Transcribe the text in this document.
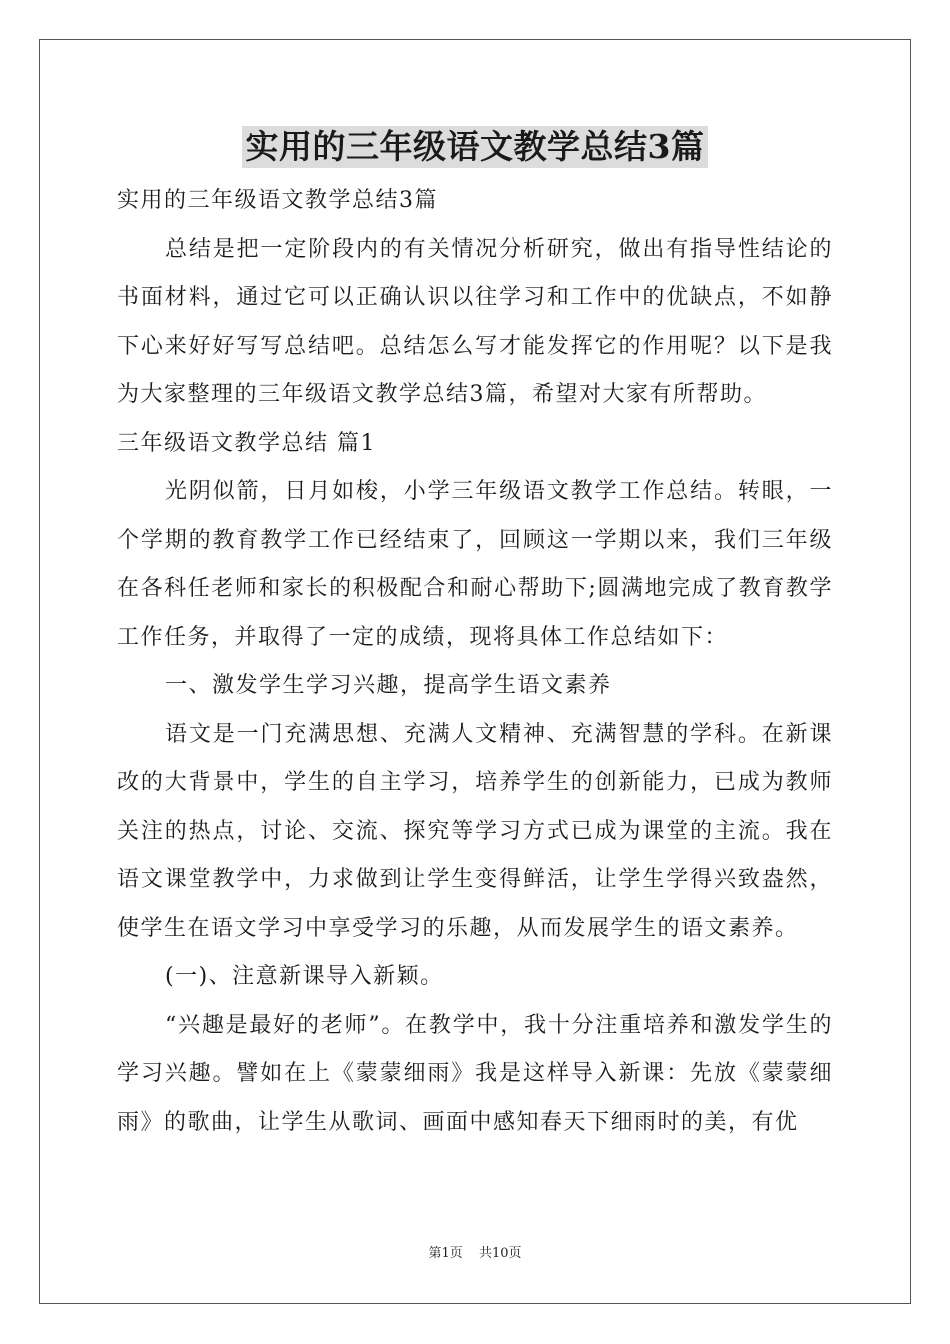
实用的三年级语文教学总结3篇

实用的三年级语文教学总结3篇

总结是把一定阶段内的有关情况分析研究，做出有指导性结论的书面材料，通过它可以正确认识以往学习和工作中的优缺点，不如静下心来好好写写总结吧。总结怎么写才能发挥它的作用呢？以下是我为大家整理的三年级语文教学总结3篇，希望对大家有所帮助。

三年级语文教学总结 篇1

光阴似箭，日月如梭，小学三年级语文教学工作总结。转眼，一个学期的教育教学工作已经结束了，回顾这一学期以来，我们三年级在各科任老师和家长的积极配合和耐心帮助下;圆满地完成了教育教学工作任务，并取得了一定的成绩，现将具体工作总结如下：

一、激发学生学习兴趣，提高学生语文素养

语文是一门充满思想、充满人文精神、充满智慧的学科。在新课改的大背景中，学生的自主学习，培养学生的创新能力，已成为教师关注的热点，讨论、交流、探究等学习方式已成为课堂的主流。我在语文课堂教学中，力求做到让学生变得鲜活，让学生学得兴致盎然，使学生在语文学习中享受学习的乐趣，从而发展学生的语文素养。

(一)、注意新课导入新颖。

“兴趣是最好的老师”。在教学中，我十分注重培养和激发学生的学习兴趣。譬如在上《蒙蒙细雨》我是这样导入新课：先放《蒙蒙细雨》的歌曲，让学生从歌词、画面中感知春天下细雨时的美，有优

第1页 共10页
